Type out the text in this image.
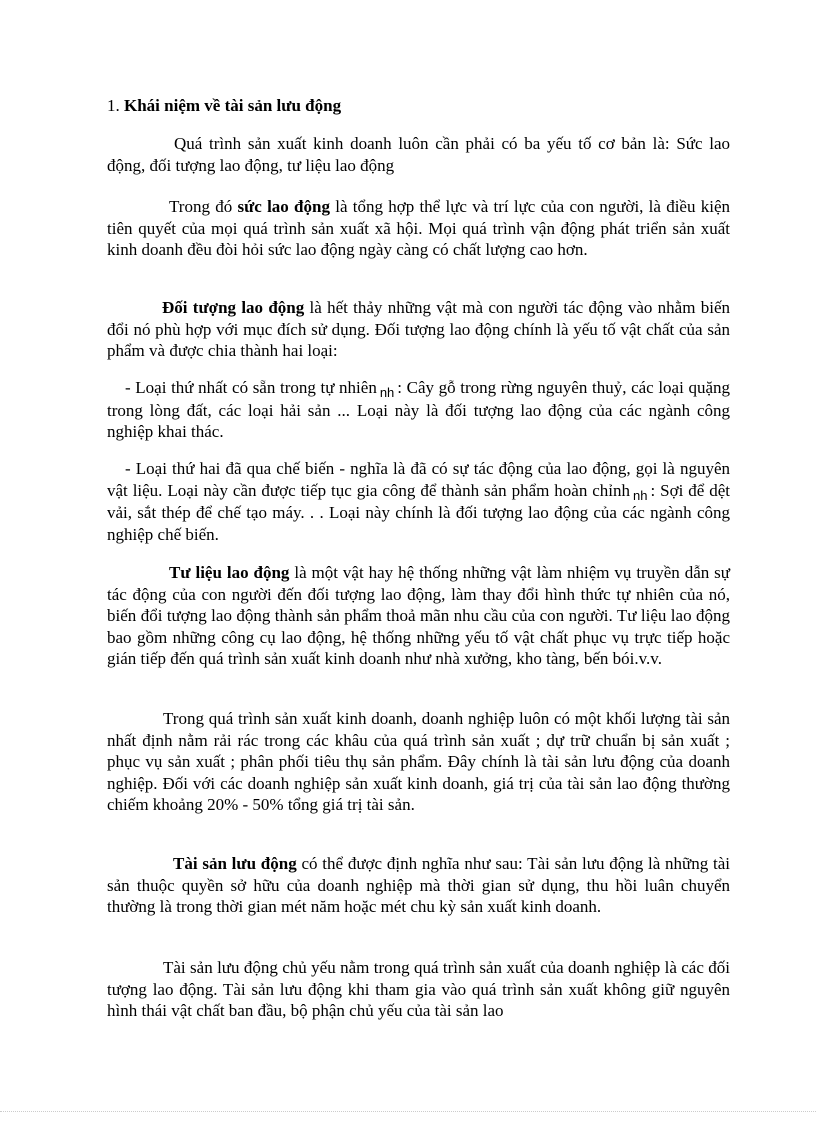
1. Khái niệm về tài sản lưu động

Quá trình sản xuất kinh doanh luôn cần phải có ba yếu tố cơ bản là: Sức lao động, đối tượng lao động, tư liệu lao động

Trong đó sức lao động là tổng hợp thể lực và trí lực của con người, là điều kiện tiên quyết của mọi quá trình sản xuất xã hội. Mọi quá trình vận động phát triển sản xuất kinh doanh đều đòi hỏi sức lao động ngày càng có chất lượng cao hơn.

Đối tượng lao động là hết thảy những vật mà con người tác động vào nhằm biến đổi nó phù hợp với mục đích sử dụng. Đối tượng lao động chính là yếu tố vật chất của sản phẩm và được chia thành hai loại:

- Loại thứ nhất có sẵn trong tự nhiên $_{nh}$ : Cây gỗ trong rừng nguyên thuỷ, các loại quặng trong lòng đất, các loại hải sản ... Loại này là đối tượng lao động của các ngành công nghiệp khai thác.

- Loại thứ hai đã qua chế biến - nghĩa là đã có sự tác động của lao động, gọi là nguyên vật liệu. Loại này cần được tiếp tục gia công để thành sản phẩm hoàn chỉnh $_{nh}$ : Sợi để dệt vải, sắt thép để chế tạo máy. . . Loại này chính là đối tượng lao động của các ngành công nghiệp chế biến.

Tư liệu lao động là một vật hay hệ thống những vật làm nhiệm vụ truyền dẫn sự tác động của con người đến đối tượng lao động, làm thay đổi hình thức tự nhiên của nó, biến đổi tượng lao động thành sản phẩm thoả mãn nhu cầu của con người. Tư liệu lao động bao gồm những công cụ lao động, hệ thống những yếu tố vật chất phục vụ trực tiếp hoặc gián tiếp đến quá trình sản xuất kinh doanh như nhà xưởng, kho tàng, bến bói.v.v.

Trong quá trình sản xuất kinh doanh, doanh nghiệp luôn có một khối lượng tài sản nhất định nằm rải rác trong các khâu của quá trình sản xuất ; dự trữ chuẩn bị sản xuất ; phục vụ sản xuất ; phân phối tiêu thụ sản phẩm. Đây chính là tài sản lưu động của doanh nghiệp. Đối với các doanh nghiệp sản xuất kinh doanh, giá trị của tài sản lao động thường chiếm khoảng 20% - 50% tổng giá trị tài sản.

Tài sản lưu động có thể được định nghĩa như sau: Tài sản lưu động là những tài sản thuộc quyền sở hữu của doanh nghiệp mà thời gian sử dụng, thu hồi luân chuyển thường là trong thời gian mét năm hoặc mét chu kỳ sản xuất kinh doanh.

Tài sản lưu động chủ yếu nằm trong quá trình sản xuất của doanh nghiệp là các đối tượng lao động. Tài sản lưu động khi tham gia vào quá trình sản xuất không giữ nguyên hình thái vật chất ban đầu, bộ phận chủ yếu của tài sản lao
